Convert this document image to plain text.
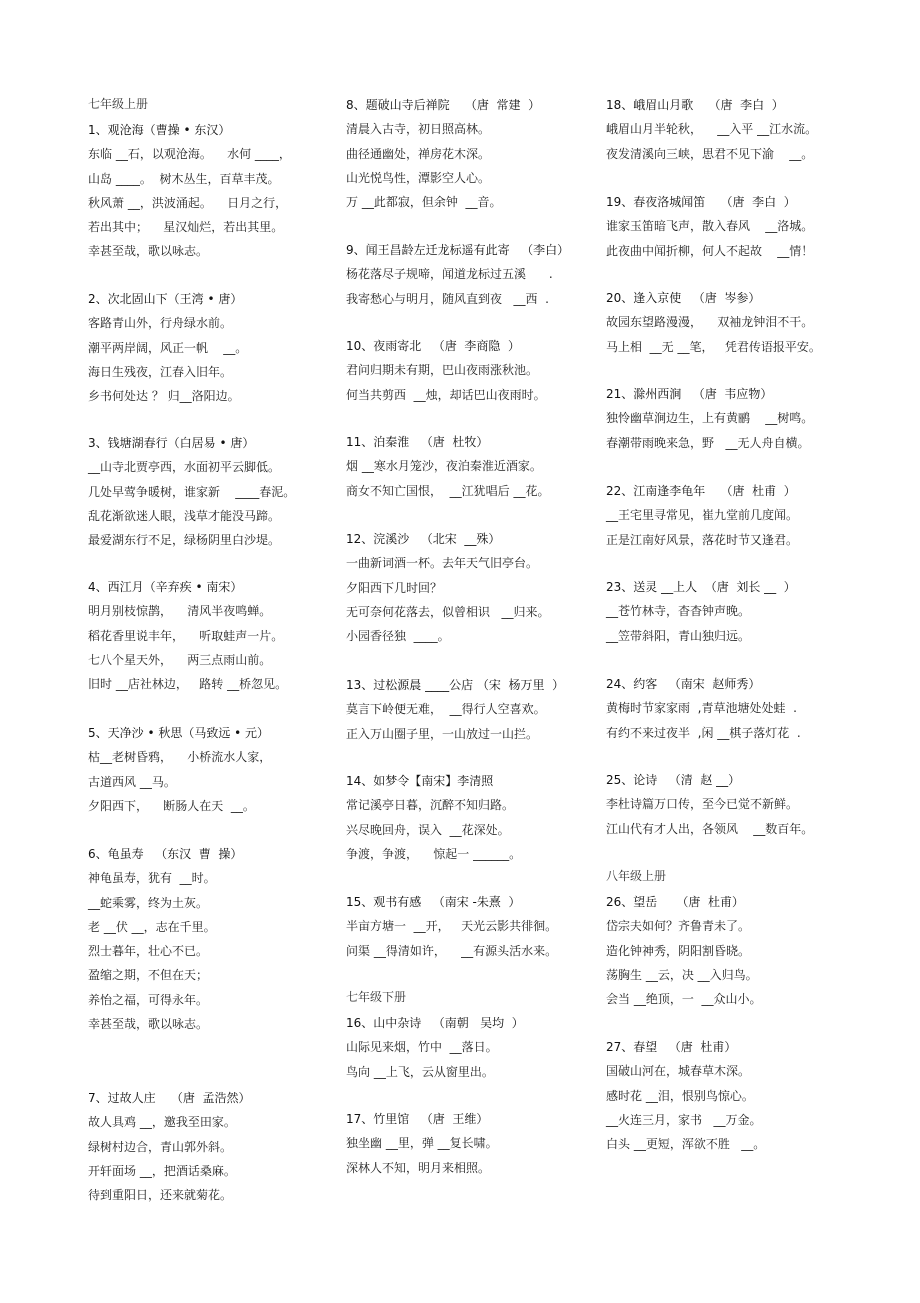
七年级上册
1、观沧海（曹操 • 东汉）
东临 __石，以观沧海。    水何 ____，
山岛 ____。  树木丛生，百草丰茂。
秋风萧 __，洪波涌起。    日月之行，
若出其中；    星汉灿烂，若出其里。
幸甚至哉，歌以咏志。
2、次北固山下（王湾 • 唐）
客路青山外，行舟绿水前。
潮平两岸阔，风正一帆    __。
海日生残夜，江春入旧年。
乡书何处达 ？ 归__洛阳边。
3、钱塘湖春行（白居易 • 唐）
__山寺北贾亭西，水面初平云脚低。
几处早莺争暖树，谁家新    ____春泥。
乱花渐欲迷人眼，浅草才能没马蹄。
最爱湖东行不足，绿杨阴里白沙堤。
4、西江月（辛弃疾 • 南宋）
明月别枝惊鹊，    清风半夜鸣蝉。
稻花香里说丰年，    听取蛙声一片。
七八个星天外，    两三点雨山前。
旧时 __店社林边，   路转 __桥忽见。
5、天净沙 • 秋思（马致远 • 元）
枯__老树昏鸦，    小桥流水人家，
古道西风 __马。
夕阳西下，    断肠人在天  __。
6、龟虽寿   （东汉  曹  操）
神龟虽寿，犹有  __时。
__蛇乘雾，终为土灰。
老 __伏 __，志在千里。
烈士暮年，壮心不已。
盈缩之期，不但在天；
养怡之福，可得永年。
幸甚至哉，歌以咏志。
7、过故人庄    （唐  孟浩然）
故人具鸡 __，邀我至田家。
绿树村边合，青山郭外斜。
开轩面场 __，把酒话桑麻。
待到重阳日，还来就菊花。
8、题破山寺后禅院    （唐  常建  ）
清晨入古寺，初日照高林。
曲径通幽处，禅房花木深。
山光悦鸟性，潭影空人心。
万 __此都寂，但余钟  __音。
9、闻王昌龄左迁龙标遥有此寄   （李白）
杨花落尽子规啼，闻道龙标过五溪      .
我寄愁心与明月，随风直到夜   __西  .
10、夜雨寄北   （唐  李商隐  ）
君问归期未有期，巴山夜雨涨秋池。
何当共剪西  __烛，却话巴山夜雨时。
11、泊秦淮   （唐  杜牧）
烟 __寒水月笼沙，夜泊秦淮近酒家。
商女不知亡国恨，  __江犹唱后 __花。
12、浣溪沙   （北宋  __殊）
一曲新词酒一杯。去年天气旧亭台。
夕阳西下几时回？
无可奈何花落去，似曾相识   __归来。
小园香径独  ____。
13、过松源晨 ____公店 （宋  杨万里  ）
莫言下岭便无难，  __得行人空喜欢。
正入万山圈子里，一山放过一山拦。
14、如梦令【南宋】李清照
常记溪亭日暮，沉醉不知归路。
兴尽晚回舟，误入  __花深处。
争渡，争渡，    惊起一 ______。
15、观书有感   （南宋 -朱熹  ）
半亩方塘一  __开，   天光云影共徘徊。
问渠 __得清如许，    __有源头活水来。
七年级下册
16、山中杂诗   （南朝   吴均  ）
山际见来烟，竹中  __落日。
鸟向 __上飞，云从窗里出。
17、竹里馆   （唐  王维）
独坐幽 __里，弹 __复长啸。
深林人不知，明月来相照。
18、峨眉山月歌    （唐  李白  ）
峨眉山月半轮秋，    __入平 __江水流。
夜发清溪向三峡，思君不见下渝    __。
19、春夜洛城闻笛    （唐  李白  ）
谁家玉笛暗飞声，散入春风    __洛城。
此夜曲中闻折柳，何人不起故    __情！
20、逢入京使   （唐  岑参）
故园东望路漫漫，    双袖龙钟泪不干。
马上相  __无 __笔，   凭君传语报平安。
21、滁州西涧   （唐  韦应物）
独怜幽草涧边生，上有黄鹂    __树鸣。
春潮带雨晚来急，野   __无人舟自横。
22、江南逢李龟年    （唐  杜甫  ）
__王宅里寻常见，崔九堂前几度闻。
正是江南好风景，落花时节又逢君。
23、送灵 __上人  （唐  刘长 __  ）
__苍竹林寺，杳杳钟声晚。
__笠带斜阳，青山独归远。
24、约客   （南宋  赵师秀）
黄梅时节家家雨  ,青草池塘处处蛙  .
有约不来过夜半  ,闲 __棋子落灯花  .
25、论诗   （清  赵 __）
李杜诗篇万口传，至今已觉不新鲜。
江山代有才人出，各领风    __数百年。
八年级上册
26、望岳     （唐  杜甫）
岱宗夫如何？齐鲁青未了。
造化钟神秀，阴阳割昏晓。
荡胸生 __云，决 __入归鸟。
会当 __绝顶，一  __众山小。
27、春望   （唐  杜甫）
国破山河在，城春草木深。
感时花 __泪，恨别鸟惊心。
__火连三月，家书   __万金。
白头 __更短，浑欲不胜   __。
